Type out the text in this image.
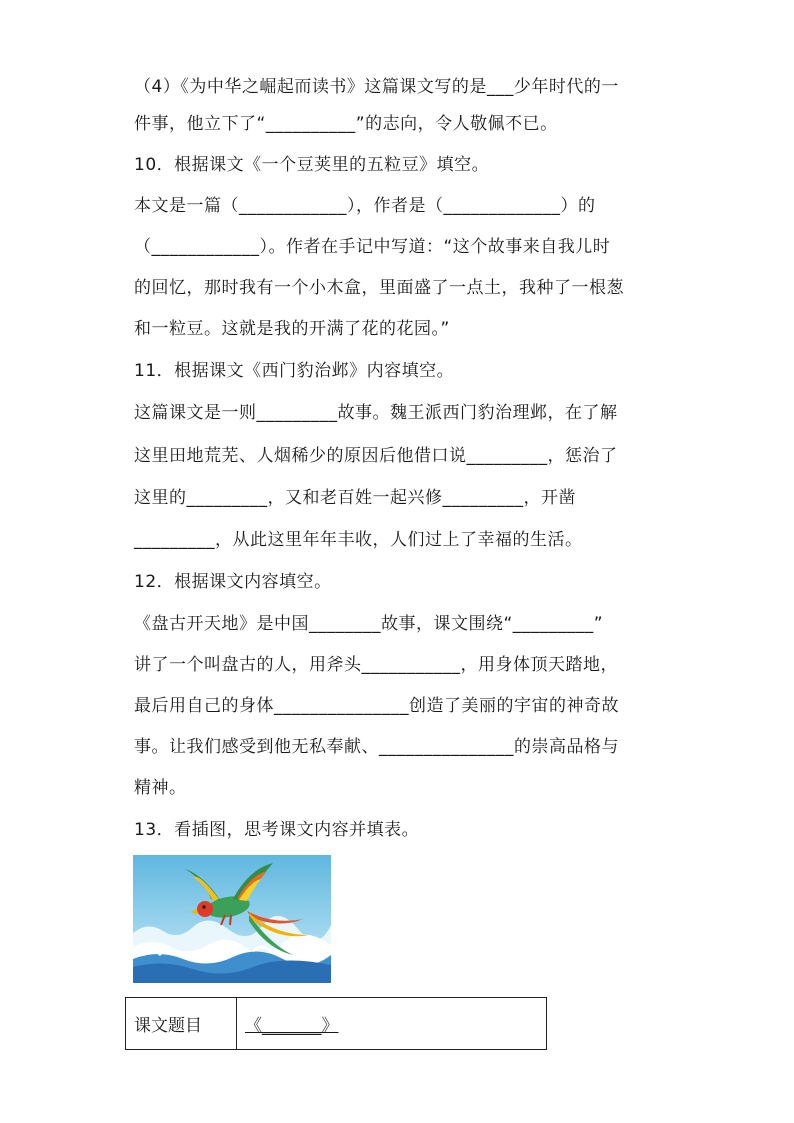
（4）《为中华之崛起而读书》这篇课文写的是___少年时代的一
件事，他立下了“__________”的志向，令人敬佩不已。
10．根据课文《一个豆荚里的五粒豆》填空。
本文是一篇（____________），作者是（_____________）的
（____________）。作者在手记中写道：“这个故事来自我儿时
的回忆，那时我有一个小木盒，里面盛了一点土，我种了一根葱
和一粒豆。这就是我的开满了花的花园。”
11．根据课文《西门豹治邺》内容填空。
这篇课文是一则_________故事。魏王派西门豹治理邺，在了解
这里田地荒芜、人烟稀少的原因后他借口说_________，惩治了
这里的_________，又和老百姓一起兴修_________，开凿
_________，从此这里年年丰收，人们过上了幸福的生活。
12．根据课文内容填空。
《盘古开天地》是中国________故事，课文围绕“_________”
讲了一个叫盘古的人，用斧头___________，用身体顶天踏地，
最后用自己的身体_______________创造了美丽的宇宙的神奇故
事。让我们感受到他无私奉献、_______________的崇高品格与
精神。
13．看插图，思考课文内容并填表。
课文题目	《_______》
